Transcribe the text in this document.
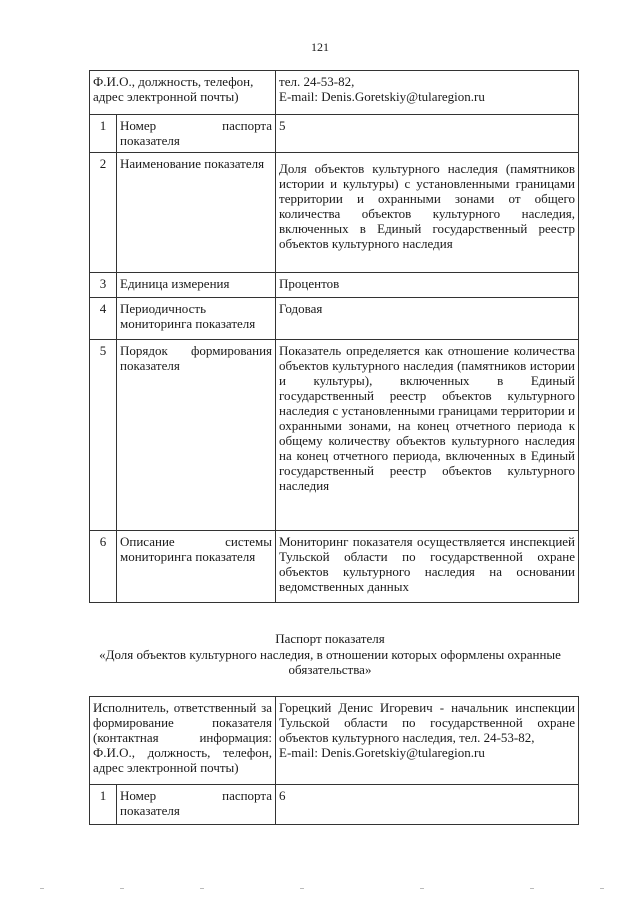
121
Ф.И.О., должность, телефон, адрес электронной почты)		тел. 24-53-82,
E-mail: Denis.Goretskiy@tularegion.ru
1	Номер паспорта показателя	5
2	Наименование показателя	Доля объектов культурного наследия (памятников истории и культуры) с установленными границами территории и охранными зонами от общего количества объектов культурного наследия, включенных в Единый государственный реестр объектов культурного наследия
3	Единица измерения	Процентов
4	Периодичность мониторинга показателя	Годовая
5	Порядок формирования показателя	Показатель определяется как отношение количества объектов культурного наследия (памятников истории и культуры), включенных в Единый государственный реестр объектов культурного наследия с установленными границами территории и охранными зонами, на конец отчетного периода к общему количеству объектов культурного наследия на конец отчетного периода, включенных в Единый государственный реестр объектов культурного наследия
6	Описание системы мониторинга показателя	Мониторинг показателя осуществляется инспекцией Тульской области по государственной охране объектов культурного наследия на основании ведомственных данных
Паспорт показателя
«Доля объектов культурного наследия, в отношении которых оформлены охранные обязательства»
Исполнитель, ответственный за формирование показателя (контактная информация: Ф.И.О., должность, телефон, адрес электронной почты)		Горецкий Денис Игоревич - начальник инспекции Тульской области по государственной охране объектов культурного наследия, тел. 24-53-82,
E-mail: Denis.Goretskiy@tularegion.ru
1	Номер паспорта показателя	6
